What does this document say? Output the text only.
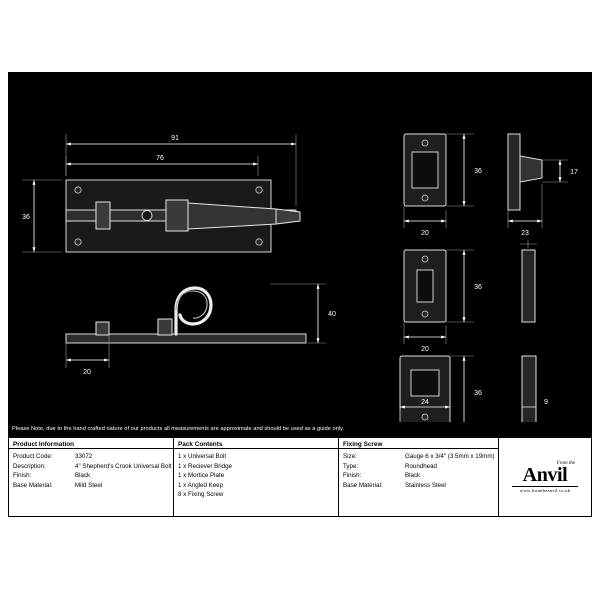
91
76
36
40
20
36
20
17
23
36
20
36
24	9
Please Note, due to the hand crafted nature of our products all measurements are approximate and should be used as a guide only.
Product Information
Product Code:	33072
Description:	4" Shepherd's Crook Universal Bolt
Finish:	Black
Base Material:	Mild Steel
Pack Contents
1 x Universal Bolt
1 x Reciever Bridge
1 x Mortice Plate
1 x Angled Keep
8 x Fixing Screw
Fixing Screw
Size:	Gauge 6 x 3/4" (3.5mm x 19mm)
Type:	Roundhead
Finish:	Black
Base Material:	Stainless Steel
From the
Anvil
www.fromtheanvil.co.uk
